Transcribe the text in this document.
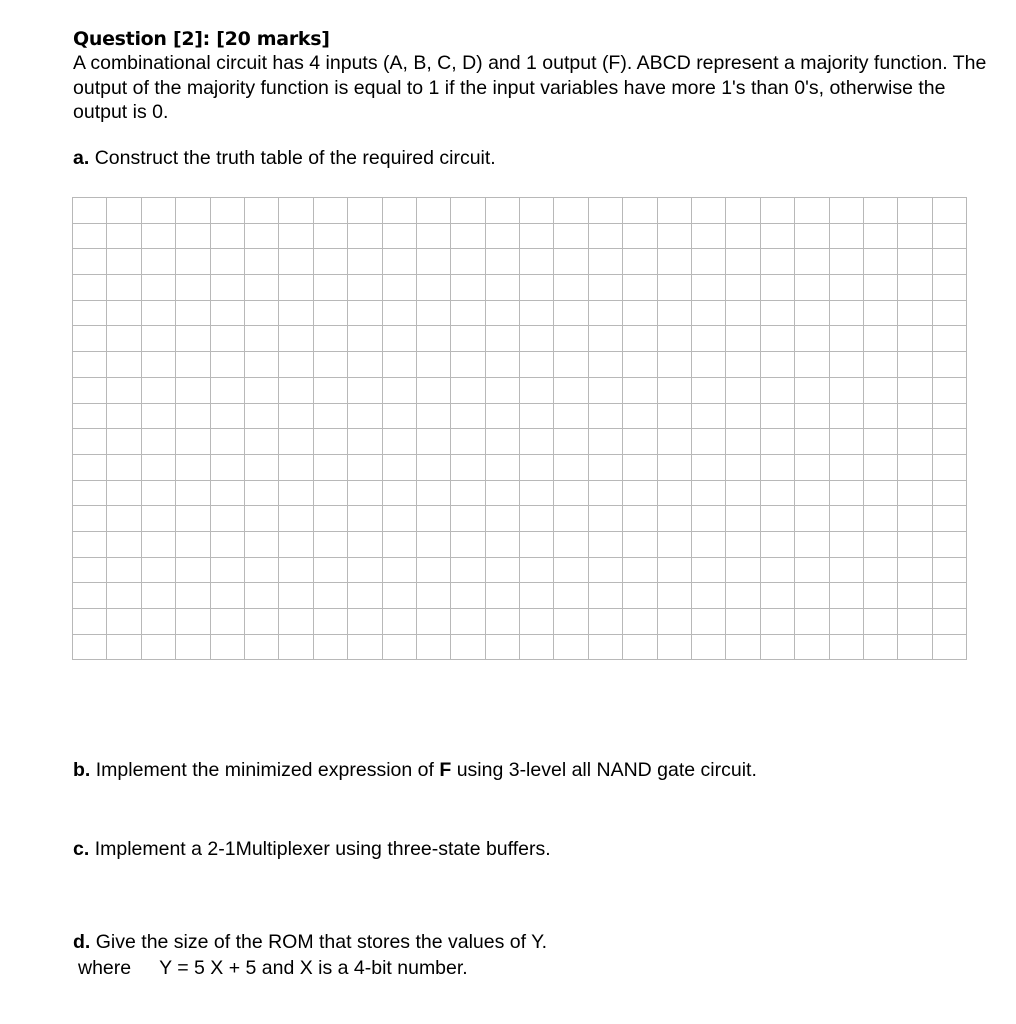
Question [2]: [20 marks]
A combinational circuit has 4 inputs (A, B, C, D) and 1 output (F). ABCD represent a majority function. The output of the majority function is equal to 1 if the input variables have more 1's than 0's, otherwise the output is 0.
a. Construct the truth table of the required circuit.

b. Implement the minimized expression of F using 3-level all NAND gate circuit.
c. Implement a 2-1Multiplexer using three-state buffers.
d. Give the size of the ROM that stores the values of Y.
where Y = 5 X + 5 and X is a 4-bit number.
